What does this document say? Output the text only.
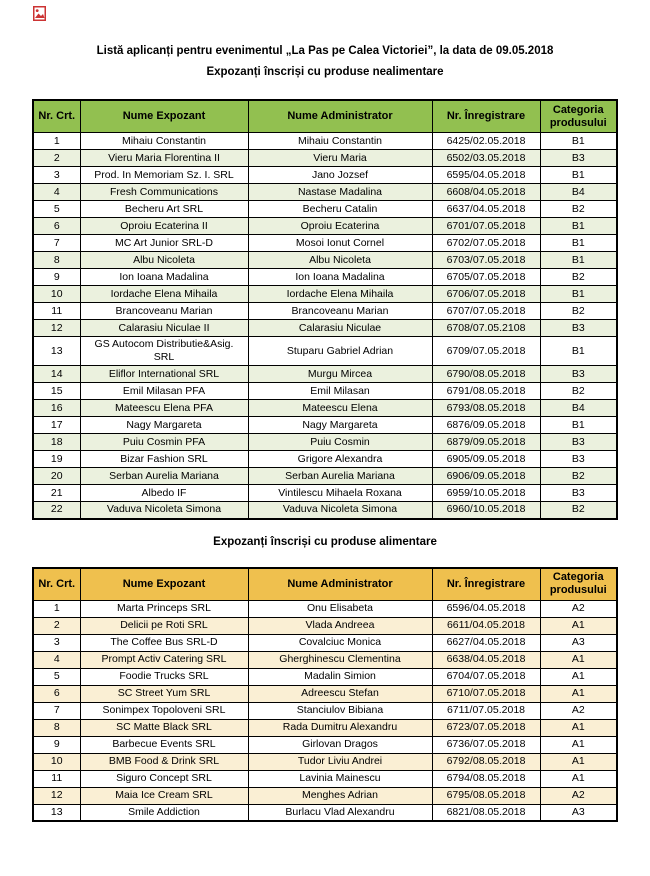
Listă aplicanți pentru evenimentul „La Pas pe Calea Victoriei”, la data de 09.05.2018
Expozanți înscriși cu produse nealimentare
Nr. Crt.	Nume Expozant	Nume Administrator	Nr. Înregistrare	Categoria produsului
1	Mihaiu Constantin	Mihaiu Constantin	6425/02.05.2018	B1
2	Vieru Maria Florentina II	Vieru Maria	6502/03.05.2018	B3
3	Prod. In Memoriam Sz. I. SRL	Jano Jozsef	6595/04.05.2018	B1
4	Fresh Communications	Nastase Madalina	6608/04.05.2018	B4
5	Becheru Art SRL	Becheru Catalin	6637/04.05.2018	B2
6	Oproiu Ecaterina II	Oproiu Ecaterina	6701/07.05.2018	B1
7	MC Art Junior SRL-D	Mosoi Ionut Cornel	6702/07.05.2018	B1
8	Albu Nicoleta	Albu Nicoleta	6703/07.05.2018	B1
9	Ion Ioana Madalina	Ion Ioana Madalina	6705/07.05.2018	B2
10	Iordache Elena Mihaila	Iordache Elena Mihaila	6706/07.05.2018	B1
11	Brancoveanu Marian	Brancoveanu Marian	6707/07.05.2018	B2
12	Calarasiu Niculae II	Calarasiu Niculae	6708/07.05.2108	B3
13	GS Autocom Distributie&Asig. SRL	Stuparu Gabriel Adrian	6709/07.05.2018	B1
14	Eliflor International SRL	Murgu Mircea	6790/08.05.2018	B3
15	Emil Milasan PFA	Emil Milasan	6791/08.05.2018	B2
16	Mateescu Elena PFA	Mateescu Elena	6793/08.05.2018	B4
17	Nagy Margareta	Nagy Margareta	6876/09.05.2018	B1
18	Puiu Cosmin PFA	Puiu Cosmin	6879/09.05.2018	B3
19	Bizar Fashion SRL	Grigore Alexandra	6905/09.05.2018	B3
20	Serban Aurelia Mariana	Serban Aurelia Mariana	6906/09.05.2018	B2
21	Albedo IF	Vintilescu Mihaela Roxana	6959/10.05.2018	B3
22	Vaduva Nicoleta Simona	Vaduva Nicoleta Simona	6960/10.05.2018	B2
Expozanți înscriși cu produse alimentare
Nr. Crt.	Nume Expozant	Nume Administrator	Nr. Înregistrare	Categoria produsului
1	Marta Princeps SRL	Onu Elisabeta	6596/04.05.2018	A2
2	Delicii pe Roti SRL	Vlada Andreea	6611/04.05.2018	A1
3	The Coffee Bus SRL-D	Covalciuc Monica	6627/04.05.2018	A3
4	Prompt Activ Catering SRL	Gherghinescu Clementina	6638/04.05.2018	A1
5	Foodie Trucks SRL	Madalin Simion	6704/07.05.2018	A1
6	SC Street Yum SRL	Adreescu Stefan	6710/07.05.2018	A1
7	Sonimpex Topoloveni SRL	Stanciulov Bibiana	6711/07.05.2018	A2
8	SC Matte Black SRL	Rada Dumitru Alexandru	6723/07.05.2018	A1
9	Barbecue Events SRL	Girlovan Dragos	6736/07.05.2018	A1
10	BMB Food & Drink SRL	Tudor Liviu Andrei	6792/08.05.2018	A1
11	Siguro Concept SRL	Lavinia Mainescu	6794/08.05.2018	A1
12	Maia Ice Cream SRL	Menghes Adrian	6795/08.05.2018	A2
13	Smile Addiction	Burlacu Vlad Alexandru	6821/08.05.2018	A3
